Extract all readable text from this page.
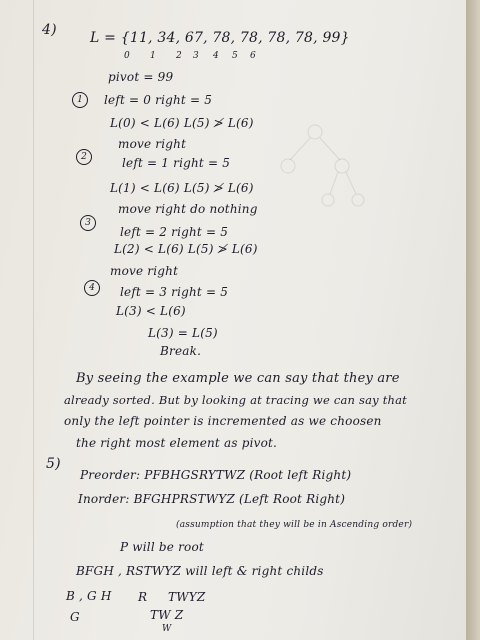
4) L = {11, 34, 67, 78, 78, 78, 78, 99}
0 1 2 3 4 5 6
pivot = 99
1	left = 0 right = 5
L(0) < L(6) L(5) ≯ L(6)
move right
2	left = 1 right = 5
L(1) < L(6) L(5) ≯ L(6)
move right do nothing
3
left = 2 right = 5
L(2) < L(6) L(5) ≯ L(6)
move right
4	left = 3 right = 5
L(3) < L(6)
L(3) = L(5)
Break.
By seeing the example we can say that they are
already sorted. But by looking at tracing we can say that
only the left pointer is incremented as we choosen
the right most element as pivot.
5)
Preorder: PFBHGSRYTWZ (Root left Right)
Inorder: BFGHPRSTWYZ (Left Root Right)
(assumption that they will be in Ascending order)
P will be root
BFGH , RSTWYZ will left & right childs
B , G H R TWYZ
G	TW Z
W
